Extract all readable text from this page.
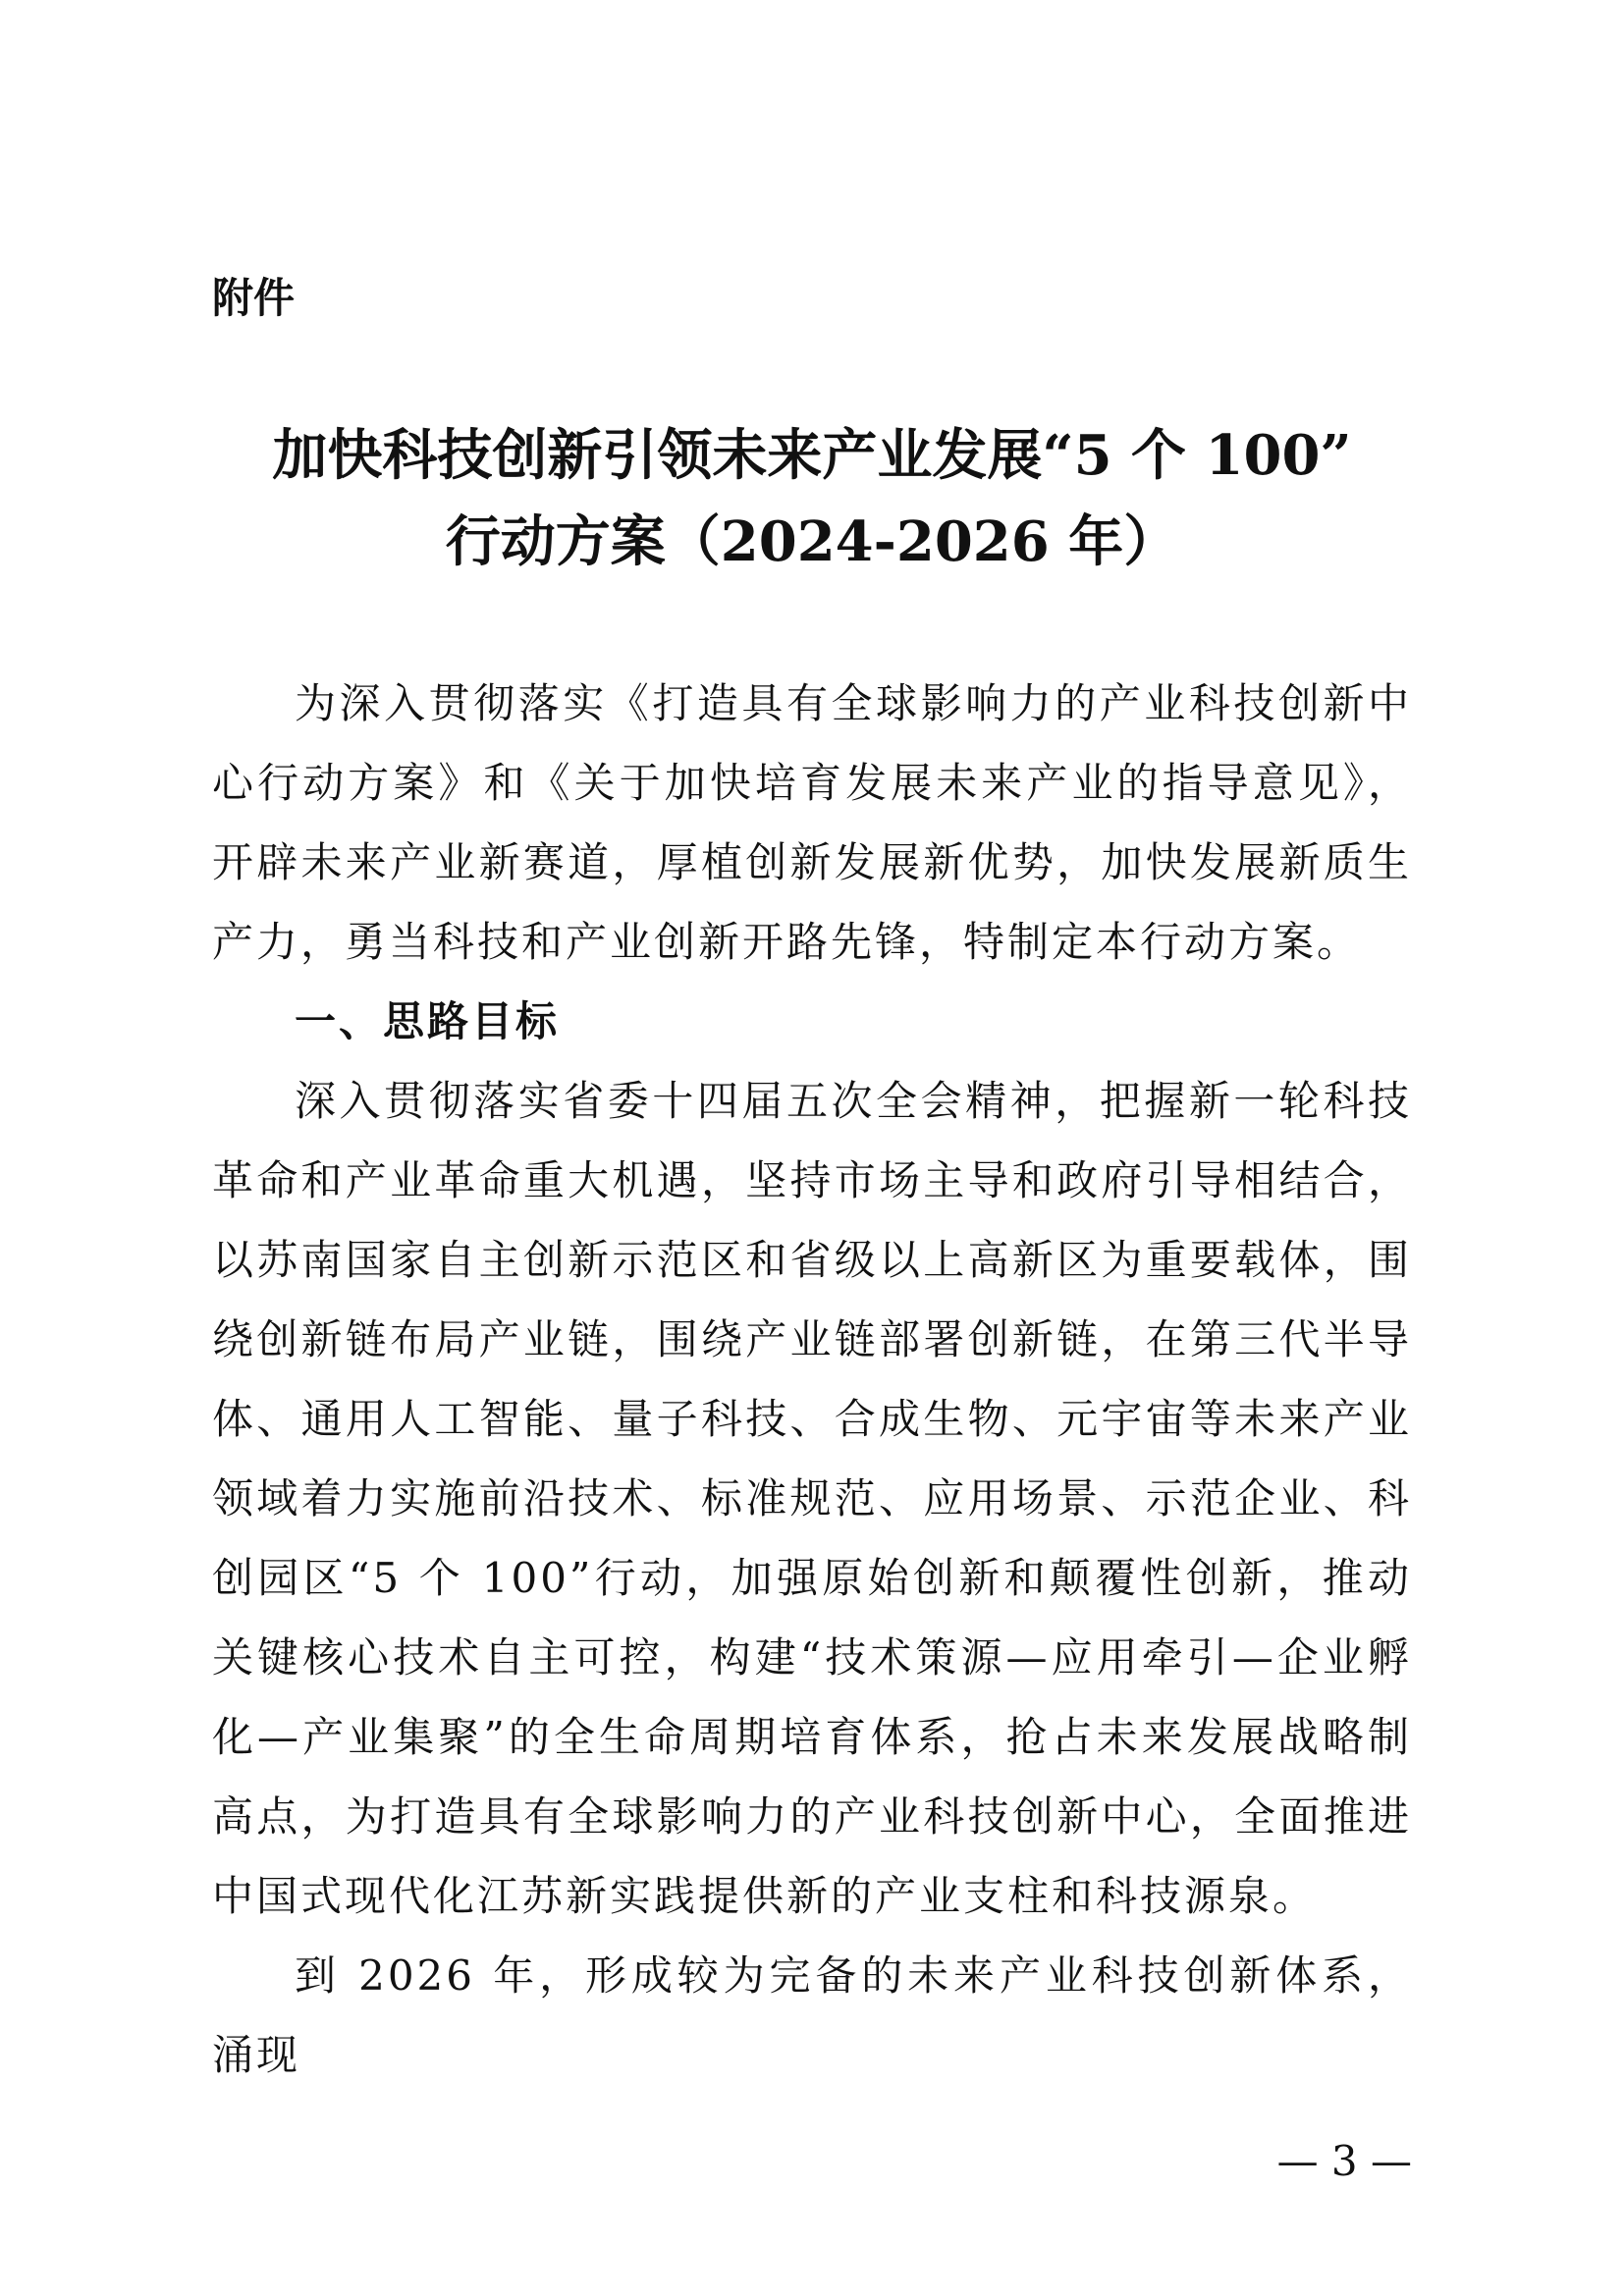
附件

加快科技创新引领未来产业发展“5 个 100”
行动方案（2024-2026 年）

为深入贯彻落实《打造具有全球影响力的产业科技创新中心行动方案》和《关于加快培育发展未来产业的指导意见》，开辟未来产业新赛道，厚植创新发展新优势，加快发展新质生产力，勇当科技和产业创新开路先锋，特制定本行动方案。

一、思路目标

深入贯彻落实省委十四届五次全会精神，把握新一轮科技革命和产业革命重大机遇，坚持市场主导和政府引导相结合，以苏南国家自主创新示范区和省级以上高新区为重要载体，围绕创新链布局产业链，围绕产业链部署创新链，在第三代半导体、通用人工智能、量子科技、合成生物、元宇宙等未来产业领域着力实施前沿技术、标准规范、应用场景、示范企业、科创园区“5 个 100”行动，加强原始创新和颠覆性创新，推动关键核心技术自主可控，构建“技术策源—应用牵引—企业孵化—产业集聚”的全生命周期培育体系，抢占未来发展战略制高点，为打造具有全球影响力的产业科技创新中心，全面推进中国式现代化江苏新实践提供新的产业支柱和科技源泉。

到 2026 年，形成较为完备的未来产业科技创新体系，涌现

— 3 —
